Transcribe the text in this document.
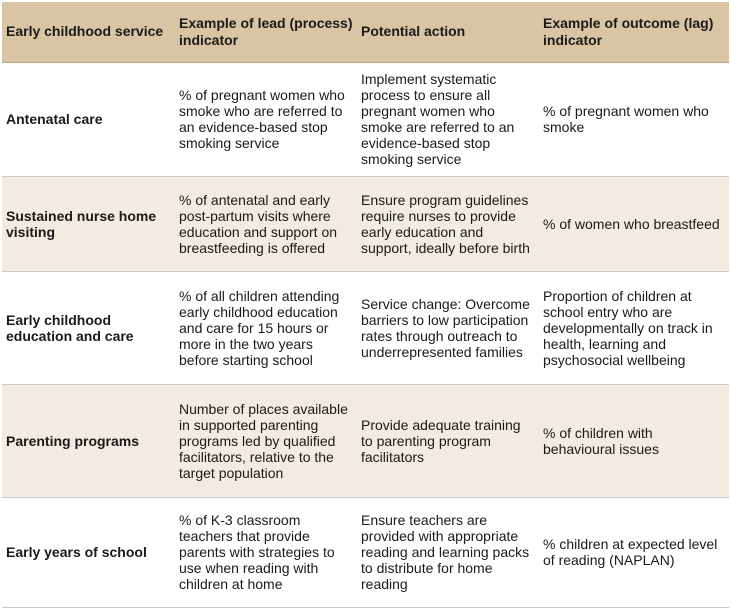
Early childhood service	Example of lead (process) indicator	Potential action	Example of outcome (lag) indicator
Antenatal care	% of pregnant women who smoke who are referred to an evidence-based stop smoking service	Implement systematic process to ensure all pregnant women who smoke are referred to an evidence-based stop smoking service	% of pregnant women who smoke
Sustained nurse home visiting	% of antenatal and early post-partum visits where education and support on breastfeeding is offered	Ensure program guidelines require nurses to provide early education and support, ideally before birth	% of women who breastfeed
Early childhood education and care	% of all children attending early childhood education and care for 15 hours or more in the two years before starting school	Service change: Overcome barriers to low participation rates through outreach to underrepresented families	Proportion of children at school entry who are developmentally on track in health, learning and psychosocial wellbeing
Parenting programs	Number of places available in supported parenting programs led by qualified facilitators, relative to the target population	Provide adequate training to parenting program facilitators	% of children with behavioural issues
Early years of school	% of K-3 classroom teachers that provide parents with strategies to use when reading with children at home	Ensure teachers are provided with appropriate reading and learning packs to distribute for home reading	% children at expected level of reading (NAPLAN)
